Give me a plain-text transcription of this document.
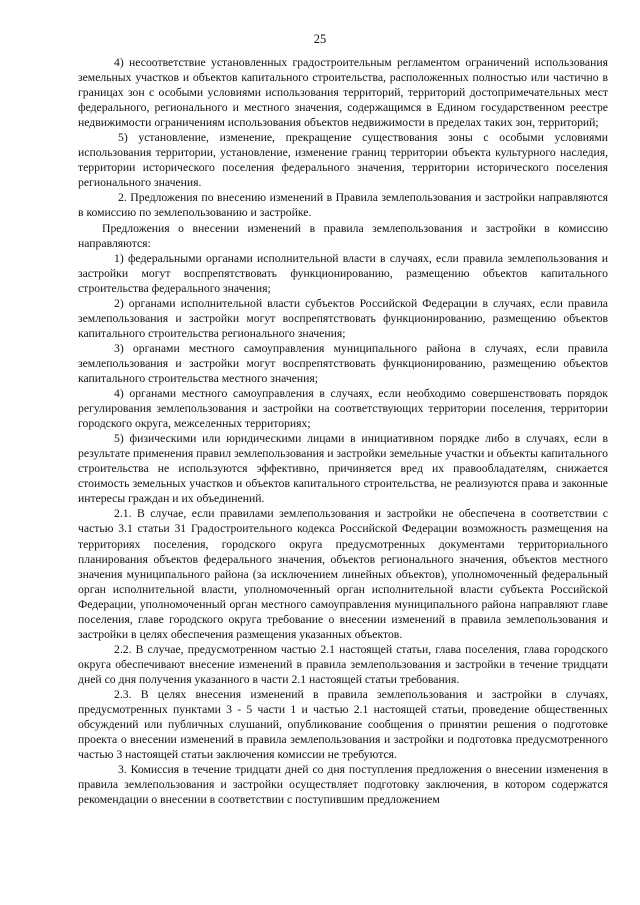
25

4) несоответствие установленных градостроительным регламентом ограничений использования земельных участков и объектов капитального строительства, расположенных полностью или частично в границах зон с особыми условиями использования территорий, территорий достопримечательных мест федерального, регионального и местного значения, содержащимся в Едином государственном реестре недвижимости ограничениям использования объектов недвижимости в пределах таких зон, территорий;

5) установление, изменение, прекращение существования зоны с особыми условиями использования территории, установление, изменение границ территории объекта культурного наследия, территории исторического поселения федерального значения, территории исторического поселения регионального значения.

2. Предложения по внесению изменений в Правила землепользования и застройки направляются в комиссию по землепользованию и застройке.

Предложения о внесении изменений в правила землепользования и застройки в комиссию направляются:

1) федеральными органами исполнительной власти в случаях, если правила землепользования и застройки могут воспрепятствовать функционированию, размещению объектов капитального строительства федерального значения;

2) органами исполнительной власти субъектов Российской Федерации в случаях, если правила землепользования и застройки могут воспрепятствовать функционированию, размещению объектов капитального строительства регионального значения;

3) органами местного самоуправления муниципального района в случаях, если правила землепользования и застройки могут воспрепятствовать функционированию, размещению объектов капитального строительства местного значения;

4) органами местного самоуправления в случаях, если необходимо совершенствовать порядок регулирования землепользования и застройки на соответствующих территории поселения, территории городского округа, межселенных территориях;

5) физическими или юридическими лицами в инициативном порядке либо в случаях, если в результате применения правил землепользования и застройки земельные участки и объекты капитального строительства не используются эффективно, причиняется вред их правообладателям, снижается стоимость земельных участков и объектов капитального строительства, не реализуются права и законные интересы граждан и их объединений.

2.1. В случае, если правилами землепользования и застройки не обеспечена в соответствии с частью 3.1 статьи 31 Градостроительного кодекса Российской Федерации возможность размещения на территориях поселения, городского округа предусмотренных документами территориального планирования объектов федерального значения, объектов регионального значения, объектов местного значения муниципального района (за исключением линейных объектов), уполномоченный федеральный орган исполнительной власти, уполномоченный орган исполнительной власти субъекта Российской Федерации, уполномоченный орган местного самоуправления муниципального района направляют главе поселения, главе городского округа требование о внесении изменений в правила землепользования и застройки в целях обеспечения размещения указанных объектов.

2.2. В случае, предусмотренном частью 2.1 настоящей статьи, глава поселения, глава городского округа обеспечивают внесение изменений в правила землепользования и застройки в течение тридцати дней со дня получения указанного в части 2.1 настоящей статьи требования.

2.3. В целях внесения изменений в правила землепользования и застройки в случаях, предусмотренных пунктами 3 - 5 части 1 и частью 2.1 настоящей статьи, проведение общественных обсуждений или публичных слушаний, опубликование сообщения о принятии решения о подготовке проекта о внесении изменений в правила землепользования и застройки и подготовка предусмотренного частью 3 настоящей статьи заключения комиссии не требуются.

3. Комиссия в течение тридцати дней со дня поступления предложения о внесении изменения в правила землепользования и застройки осуществляет подготовку заключения, в котором содержатся рекомендации о внесении в соответствии с поступившим предложением
